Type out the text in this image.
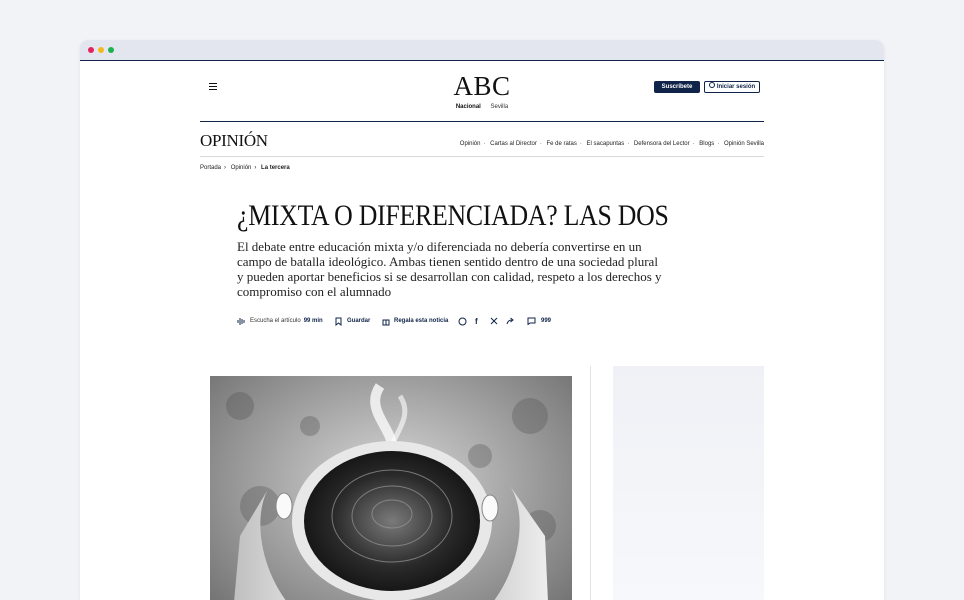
ABC
Nacional Sevilla
Suscríbete	Iniciar sesión
OPINIÓN	Opinión · Cartas al Director · Fe de ratas · El sacapuntas · Defensora del Lector · Blogs · Opinión Sevilla
Portada › Opinión › La tercera
¿MIXTA O DIFERENCIADA? LAS DOS
El debate entre educación mixta y/o diferenciada no debería convertirse en un campo de batalla ideológico. Ambas tienen sentido dentro de una sociedad plural y pueden aportar beneficios si se desarrollan con calidad, respeto a los derechos y compromiso con el alumnado
Escucha el artículo 99 min	Guardar	Regala esta noticia	f	999
